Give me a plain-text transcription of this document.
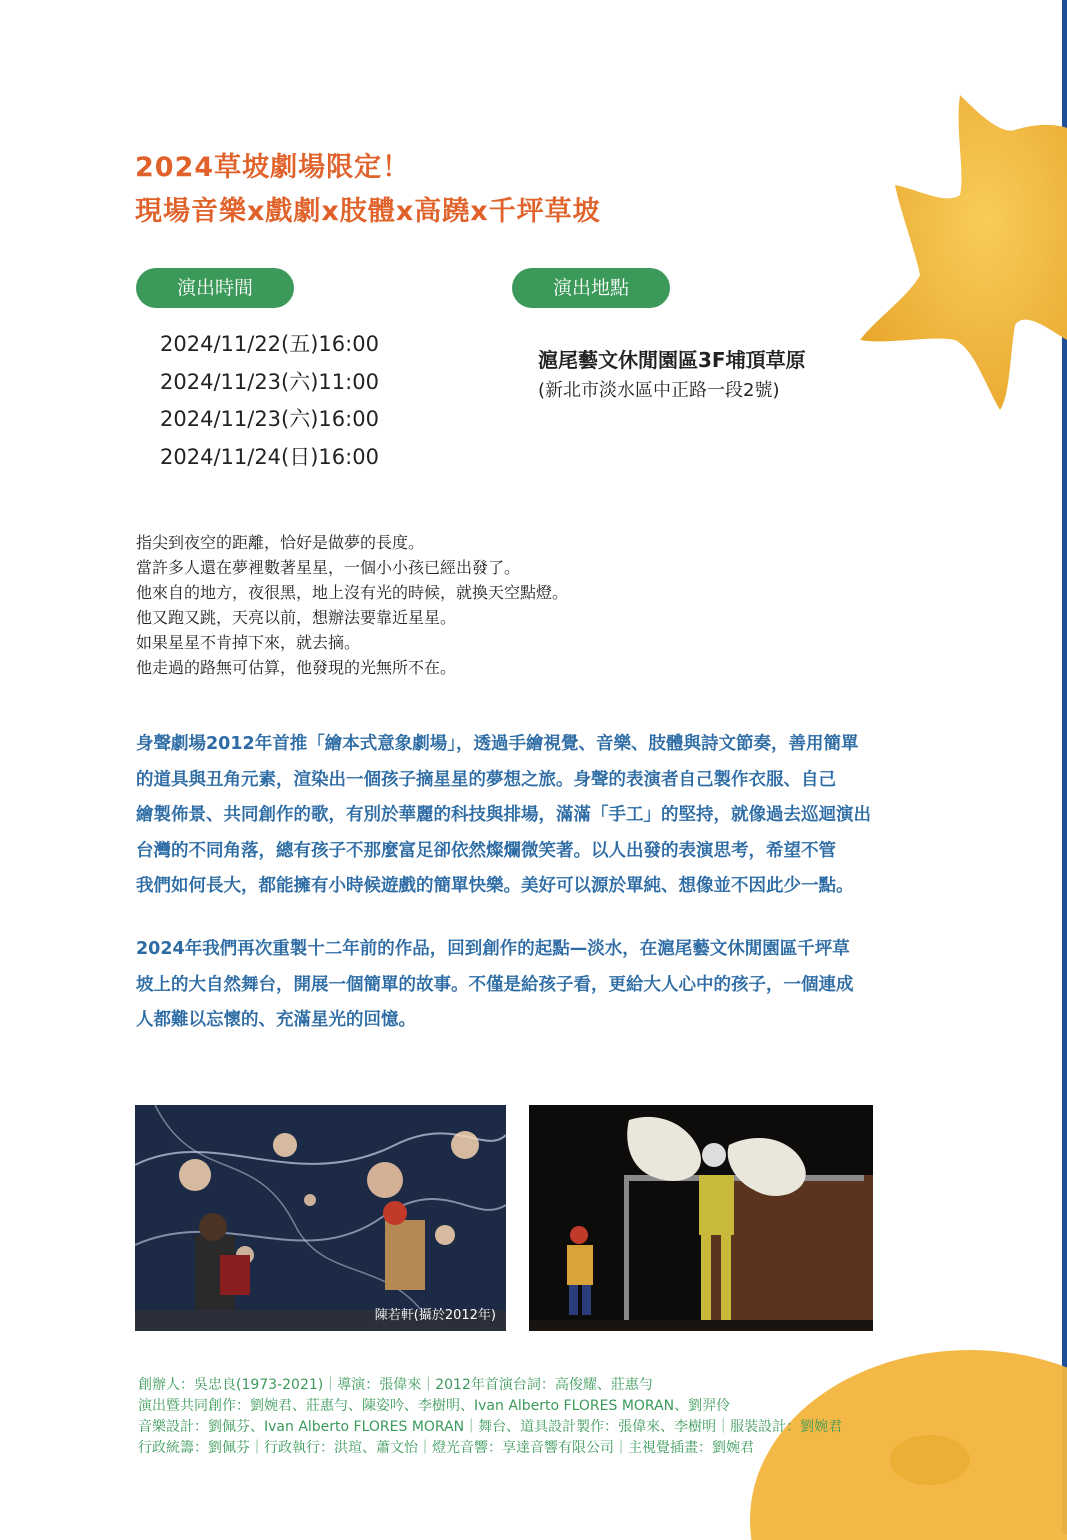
2024草坡劇場限定！
現場音樂x戲劇x肢體x高蹺x千坪草坡
演出時間	演出地點
2024/11/22(五)16:00
2024/11/23(六)11:00
2024/11/23(六)16:00
2024/11/24(日)16:00
滬尾藝文休閒園區3F埔頂草原
(新北市淡水區中正路一段2號)
指尖到夜空的距離，恰好是做夢的長度。
當許多人還在夢裡數著星星，一個小小孩已經出發了。
他來自的地方，夜很黑，地上沒有光的時候，就換天空點燈。
他又跑又跳，天亮以前，想辦法要靠近星星。
如果星星不肯掉下來，就去摘。
他走過的路無可估算，他發現的光無所不在。
身聲劇場2012年首推「繪本式意象劇場」，透過手繪視覺、音樂、肢體與詩文節奏，善用簡單
的道具與丑角元素，渲染出一個孩子摘星星的夢想之旅。身聲的表演者自己製作衣服、自己
繪製佈景、共同創作的歌，有別於華麗的科技與排場，滿滿「手工」的堅持，就像過去巡迴演出
台灣的不同角落，總有孩子不那麼富足卻依然燦爛微笑著。以人出發的表演思考，希望不管
我們如何長大，都能擁有小時候遊戲的簡單快樂。美好可以源於單純、想像並不因此少一點。
2024年我們再次重製十二年前的作品，回到創作的起點—淡水，在滬尾藝文休閒園區千坪草
坡上的大自然舞台，開展一個簡單的故事。不僅是給孩子看，更給大人心中的孩子，一個連成
人都難以忘懷的、充滿星光的回憶。
陳若軒(攝於2012年)
創辦人：吳忠良(1973-2021)｜導演：張偉來｜2012年首演台詞：高俊耀、莊惠勻
演出暨共同創作：劉婉君、莊惠勻、陳姿吟、李樹明、Ivan Alberto FLORES MORAN、劉羿伶
音樂設計：劉佩芬、Ivan Alberto FLORES MORAN｜舞台、道具設計製作：張偉來、李樹明｜服裝設計：劉婉君
行政統籌：劉佩芬｜行政執行：洪瑄、蕭文怡｜燈光音響：享達音響有限公司｜主視覺插畫：劉婉君
